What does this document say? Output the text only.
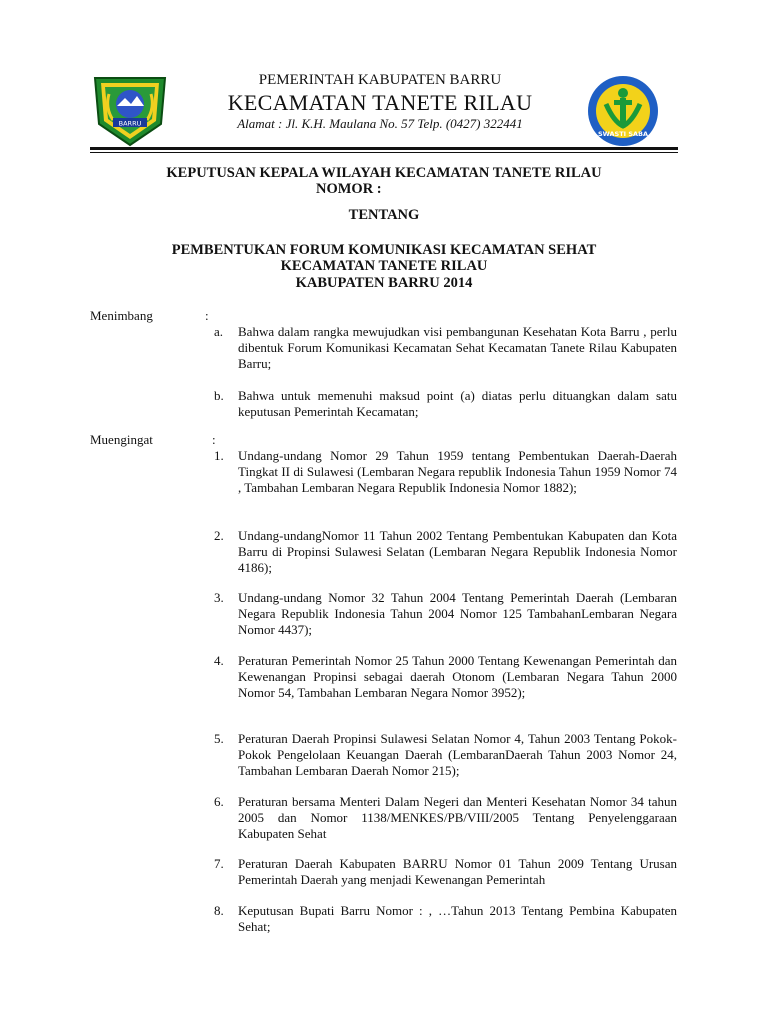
BARRU
SWASTI SABA
PEMERINTAH KABUPATEN BARRU
KECAMATAN TANETE RILAU
Alamat : Jl. K.H. Maulana No. 57 Telp. (0427) 322441
KEPUTUSAN KEPALA WILAYAH KECAMATAN TANETE RILAU
NOMOR :
TENTANG
PEMBENTUKAN FORUM KOMUNIKASI KECAMATAN SEHAT
KECAMATAN TANETE RILAU
KABUPATEN BARRU 2014
Menimbang	:
a.	Bahwa dalam rangka mewujudkan visi pembangunan Kesehatan Kota Barru , perlu dibentuk Forum Komunikasi Kecamatan Sehat Kecamatan Tanete Rilau Kabupaten Barru;
b.	Bahwa untuk memenuhi maksud point (a) diatas perlu dituangkan dalam satu keputusan Pemerintah Kecamatan;
Muengingat	:
1.	Undang-undang Nomor 29 Tahun 1959 tentang Pembentukan Daerah-Daerah Tingkat II di Sulawesi (Lembaran Negara republik Indonesia Tahun 1959 Nomor 74 , Tambahan Lembaran Negara Republik Indonesia Nomor 1882);
2.	Undang-undangNomor 11 Tahun 2002 Tentang Pembentukan Kabupaten dan Kota Barru di Propinsi Sulawesi Selatan (Lembaran Negara Republik Indonesia Nomor 4186);
3.	Undang-undang Nomor 32 Tahun 2004 Tentang Pemerintah Daerah (Lembaran Negara Republik Indonesia Tahun 2004 Nomor 125 TambahanLembaran Negara Nomor 4437);
4.	Peraturan Pemerintah Nomor 25 Tahun 2000 Tentang Kewenangan Pemerintah dan Kewenangan Propinsi sebagai daerah Otonom (Lembaran Negara Tahun 2000 Nomor 54, Tambahan Lembaran Negara Nomor 3952);
5.	Peraturan Daerah Propinsi Sulawesi Selatan Nomor 4, Tahun 2003 Tentang Pokok-Pokok Pengelolaan Keuangan Daerah (LembaranDaerah Tahun 2003 Nomor 24, Tambahan Lembaran Daerah Nomor 215);
6.	Peraturan bersama Menteri Dalam Negeri dan Menteri Kesehatan Nomor 34 tahun 2005 dan Nomor 1138/MENKES/PB/VIII/2005 Tentang Penyelenggaraan Kabupaten Sehat
7.	Peraturan Daerah Kabupaten BARRU Nomor 01 Tahun 2009 Tentang Urusan Pemerintah Daerah yang menjadi Kewenangan Pemerintah
8.	Keputusan Bupati Barru Nomor : , …Tahun 2013 Tentang Pembina Kabupaten Sehat;
